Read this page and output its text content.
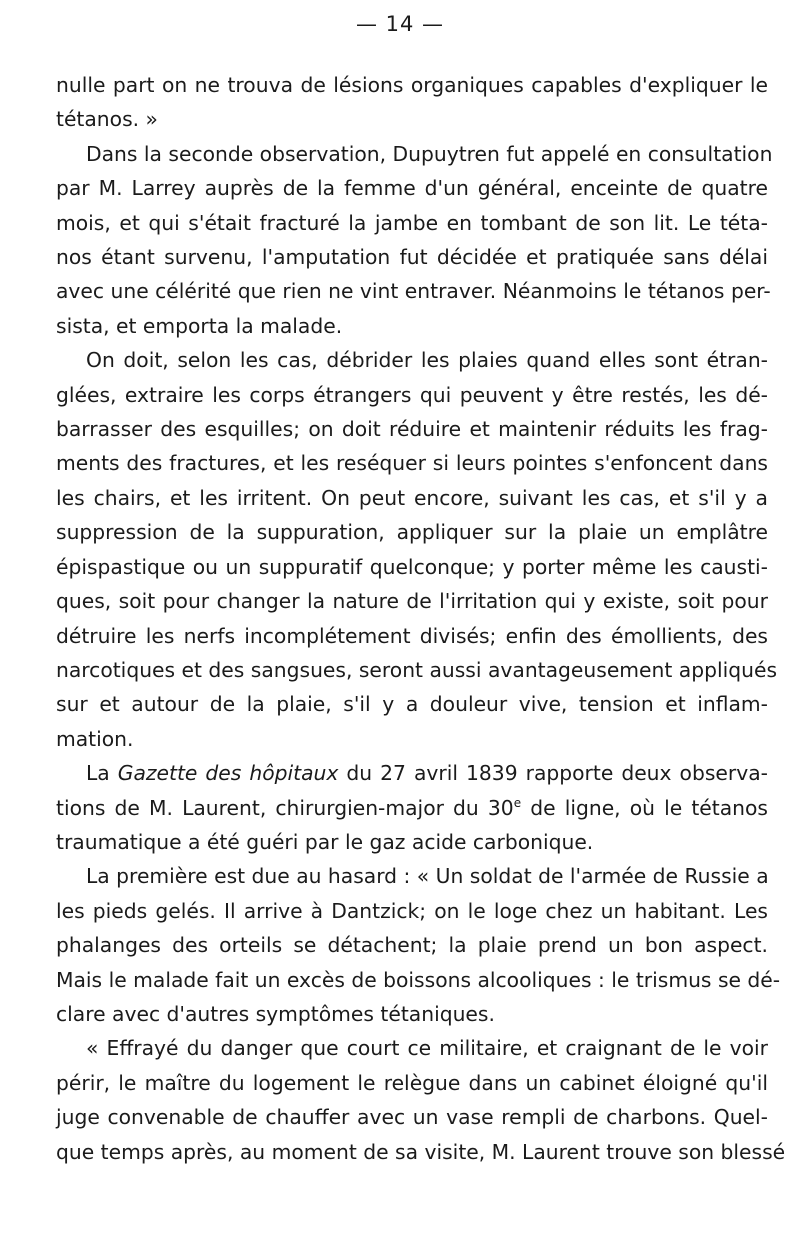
— 14 —

nulle part on ne trouva de lésions organiques capables d'expliquer le
tétanos. »

Dans la seconde observation, Dupuytren fut appelé en consultation
par M. Larrey auprès de la femme d'un général, enceinte de quatre
mois, et qui s'était fracturé la jambe en tombant de son lit. Le téta-
nos étant survenu, l'amputation fut décidée et pratiquée sans délai
avec une célérité que rien ne vint entraver. Néanmoins le tétanos per-
sista, et emporta la malade.

On doit, selon les cas, débrider les plaies quand elles sont étran-
glées, extraire les corps étrangers qui peuvent y être restés, les dé-
barrasser des esquilles; on doit réduire et maintenir réduits les frag-
ments des fractures, et les reséquer si leurs pointes s'enfoncent dans
les chairs, et les irritent. On peut encore, suivant les cas, et s'il y a
suppression de la suppuration, appliquer sur la plaie un emplâtre
épispastique ou un suppuratif quelconque; y porter même les causti-
ques, soit pour changer la nature de l'irritation qui y existe, soit pour
détruire les nerfs incomplétement divisés; enfin des émollients, des
narcotiques et des sangsues, seront aussi avantageusement appliqués
sur et autour de la plaie, s'il y a douleur vive, tension et inflam-
mation.

La Gazette des hôpitaux du 27 avril 1839 rapporte deux observa-
tions de M. Laurent, chirurgien-major du 30e de ligne, où le tétanos
traumatique a été guéri par le gaz acide carbonique.

La première est due au hasard : « Un soldat de l'armée de Russie a
les pieds gelés. Il arrive à Dantzick; on le loge chez un habitant. Les
phalanges des orteils se détachent; la plaie prend un bon aspect.
Mais le malade fait un excès de boissons alcooliques : le trismus se dé-
clare avec d'autres symptômes tétaniques.

« Effrayé du danger que court ce militaire, et craignant de le voir
périr, le maître du logement le relègue dans un cabinet éloigné qu'il
juge convenable de chauffer avec un vase rempli de charbons. Quel-
que temps après, au moment de sa visite, M. Laurent trouve son blessé
